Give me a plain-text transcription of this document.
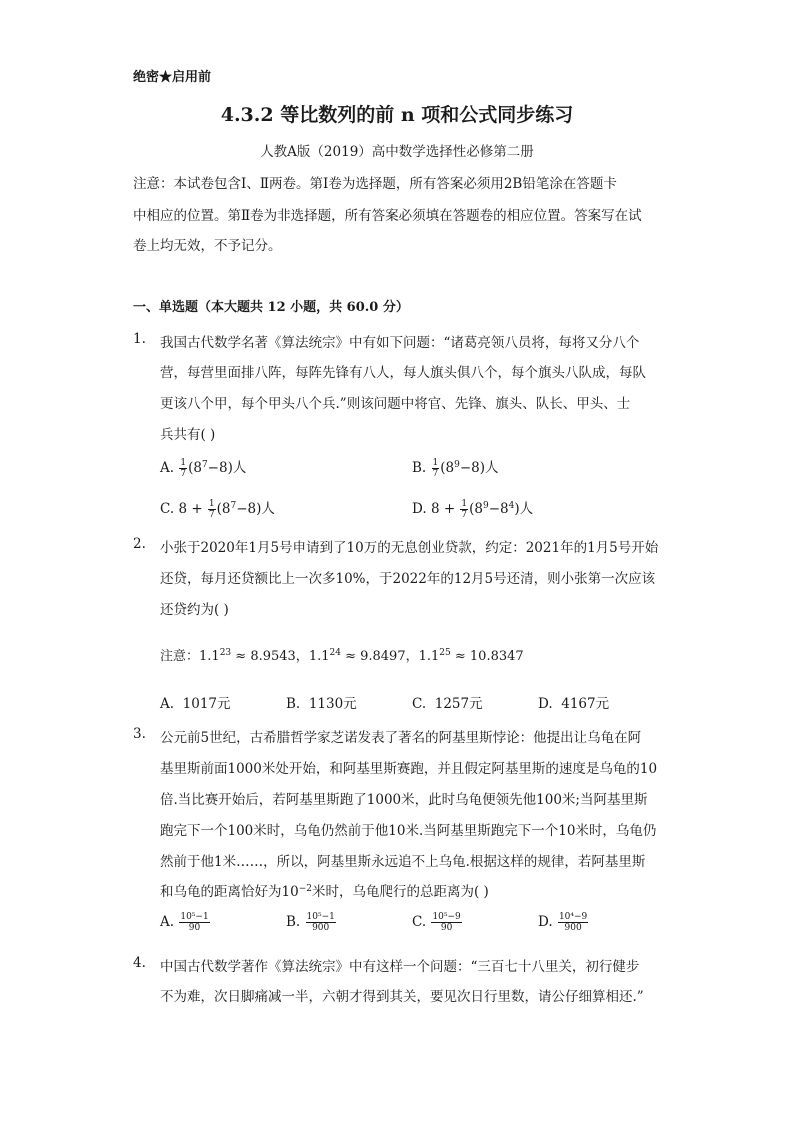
绝密★启用前
4.3.2 等比数列的前 n 项和公式同步练习
人教A版（2019）高中数学选择性必修第二册
注意：本试卷包含Ⅰ、Ⅱ两卷。第Ⅰ卷为选择题，所有答案必须用2B铅笔涂在答题卡
中相应的位置。第Ⅱ卷为非选择题，所有答案必须填在答题卷的相应位置。答案写在试
卷上均无效，不予记分。
一、单选题（本大题共 12 小题，共 60.0 分）
1. 我国古代数学名著《算法统宗》中有如下问题：“诸葛亮领八员将，每将又分八个
营，每营里面排八阵，每阵先锋有八人，每人旗头俱八个，每个旗头八队成，每队
更该八个甲，每个甲头八个兵.”则该问题中将官、先锋、旗头、队长、甲头、士
兵共有( )
A. $\frac{1}{7} (8^7-8)$人	B. $\frac{1}{7} (8^9-8)$人
C. $8 + \frac{1}{7} (8^7-8)$人	D. $8 + \frac{1}{7} (8^9-8^4)$人
2. 小张于2020年1月5号申请到了10万的无息创业贷款，约定：2021年的1月5号开始
还贷，每月还贷额比上一次多10%，于2022年的12月5号还清，则小张第一次应该
还贷约为( )
注意：$1.1^{23} \approx 8.9543$，$1.1^{24} \approx 9.8497$，$1.1^{25} \approx 10.8347$
A. 1017元	B. 1130元	C. 1257元	D. 4167元
3. 公元前5世纪，古希腊哲学家芝诺发表了著名的阿基里斯悖论：他提出让乌龟在阿
基里斯前面1000米处开始，和阿基里斯赛跑，并且假定阿基里斯的速度是乌龟的10
倍.当比赛开始后，若阿基里斯跑了1000米，此时乌龟便领先他100米;当阿基里斯
跑完下一个100米时，乌龟仍然前于他10米.当阿基里斯跑完下一个10米时，乌龟仍
然前于他1米……，所以，阿基里斯永远追不上乌龟.根据这样的规律，若阿基里斯
和乌龟的距离恰好为$10^{-2}$米时，乌龟爬行的总距离为( )
A. $\frac{\text{10⁵−1}}{90}$	B. $\frac{\text{10⁵−1}}{900}$	C. $\frac{\text{10⁵−9}}{90}$	D. $\frac{\text{10⁴−9}}{900}$
4. 中国古代数学著作《算法统宗》中有这样一个问题：“三百七十八里关，初行健步
不为难，次日脚痛减一半，六朝才得到其关，要见次日行里数，请公仔细算相还.”
